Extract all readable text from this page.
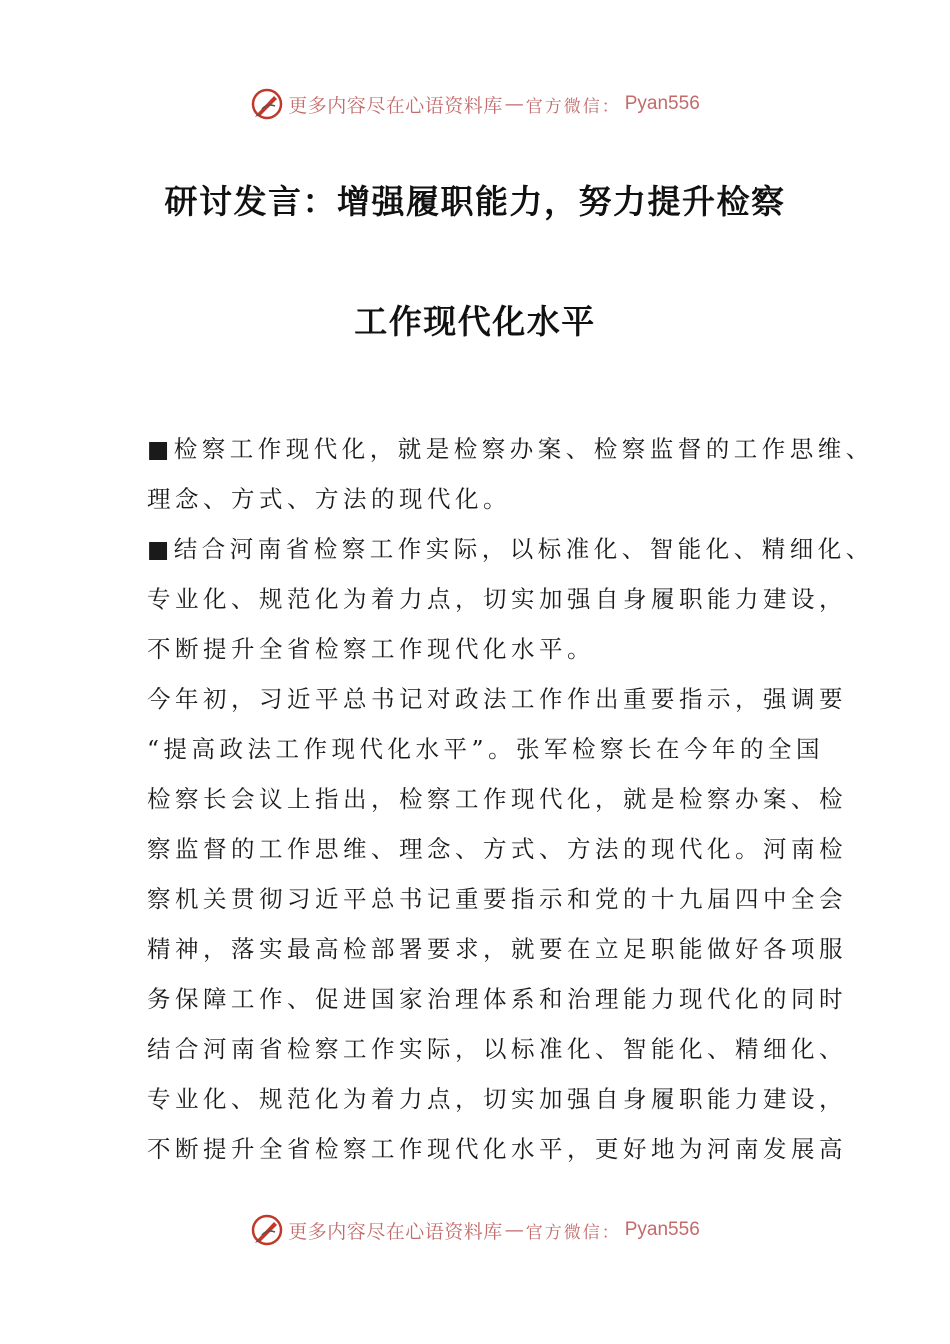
更多内容尽在心语资料库 — 官方微信： Pyan556
研讨发言：增强履职能力，努力提升检察
工作现代化水平
■检察工作现代化，就是检察办案、检察监督的工作思维、
理念、方式、方法的现代化。
■结合河南省检察工作实际，以标准化、智能化、精细化、
专业化、规范化为着力点，切实加强自身履职能力建设，
不断提升全省检察工作现代化水平。
今年初，习近平总书记对政法工作作出重要指示，强调要
“提高政法工作现代化水平”。张军检察长在今年的全国
检察长会议上指出，检察工作现代化，就是检察办案、检
察监督的工作思维、理念、方式、方法的现代化。河南检
察机关贯彻习近平总书记重要指示和党的十九届四中全会
精神，落实最高检部署要求，就要在立足职能做好各项服
务保障工作、促进国家治理体系和治理能力现代化的同时
结合河南省检察工作实际，以标准化、智能化、精细化、
专业化、规范化为着力点，切实加强自身履职能力建设，
不断提升全省检察工作现代化水平，更好地为河南发展高
更多内容尽在心语资料库 — 官方微信： Pyan556
